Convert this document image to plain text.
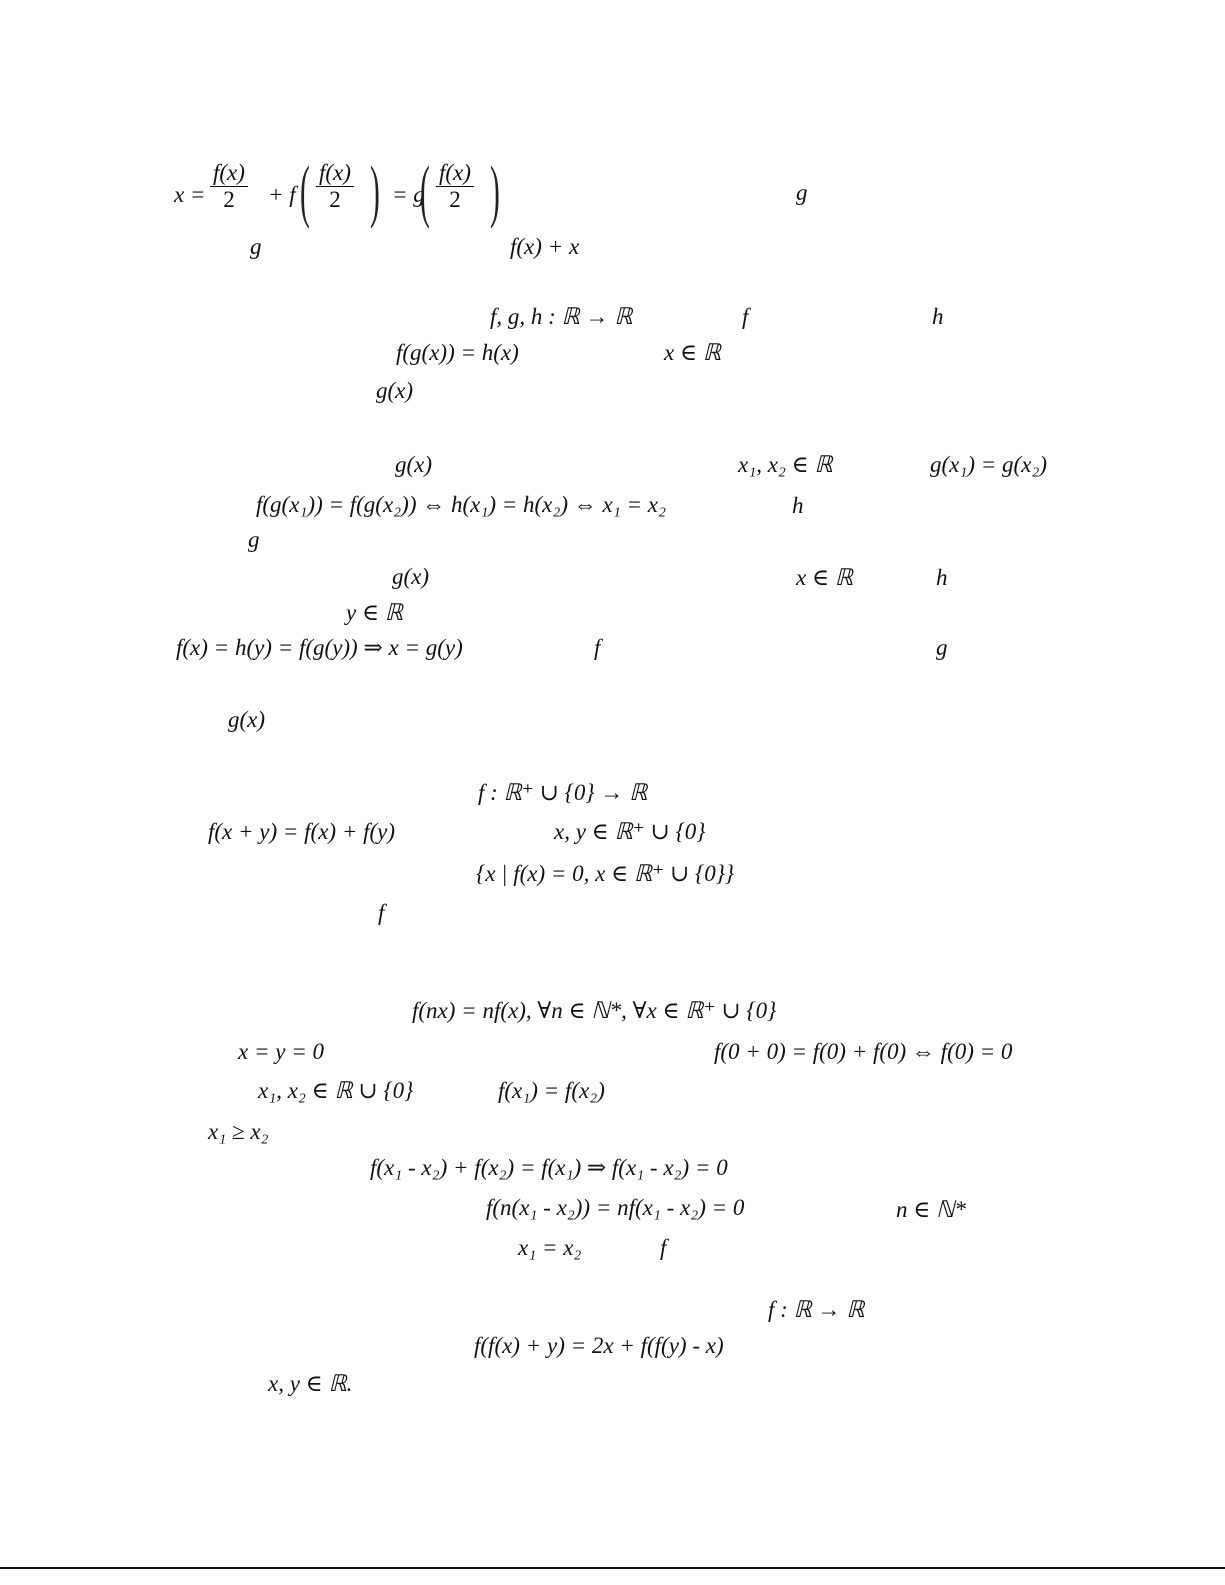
$x = \frac{f(x)}{2} + f$ ( $\frac{f(x)}{2}$ ) = g
( $\frac{f(x)}{2}$ )	g
g	f(x) + x
f, g, h : ℝ → ℝ	f	h
f(g(x)) = h(x)	x ∈ ℝ
g(x)
g(x)	x₁, x₂ ∈ ℝ	g(x₁) = g(x₂)
f(g(x₁)) = f(g(x₂)) ⇔ h(x₁) = h(x₂) ⇔ x₁ = x₂	h
g
g(x)	x ∈ ℝ	h
y ∈ ℝ
f(x) = h(y) = f(g(y)) ⇒ x = g(y)	f	g
g(x)
f : ℝ⁺ ∪ {0} → ℝ
f(x + y) = f(x) + f(y)	x, y ∈ ℝ⁺ ∪ {0}
{x | f(x) = 0, x ∈ ℝ⁺ ∪ {0}}
f
f(nx) = nf(x), ∀n ∈ ℕ*, ∀x ∈ ℝ⁺ ∪ {0}
x = y = 0	f(0 + 0) = f(0) + f(0) ⇔ f(0) = 0
x₁, x₂ ∈ ℝ ∪ {0}	f(x₁) = f(x₂)
x₁ ≥ x₂
f(x₁ - x₂) + f(x₂) = f(x₁) ⇒ f(x₁ - x₂) = 0
f(n(x₁ - x₂)) = nf(x₁ - x₂) = 0	n ∈ ℕ*
x₁ = x₂	f
f : ℝ → ℝ
f(f(x) + y) = 2x + f(f(y) - x)
x, y ∈ ℝ.
